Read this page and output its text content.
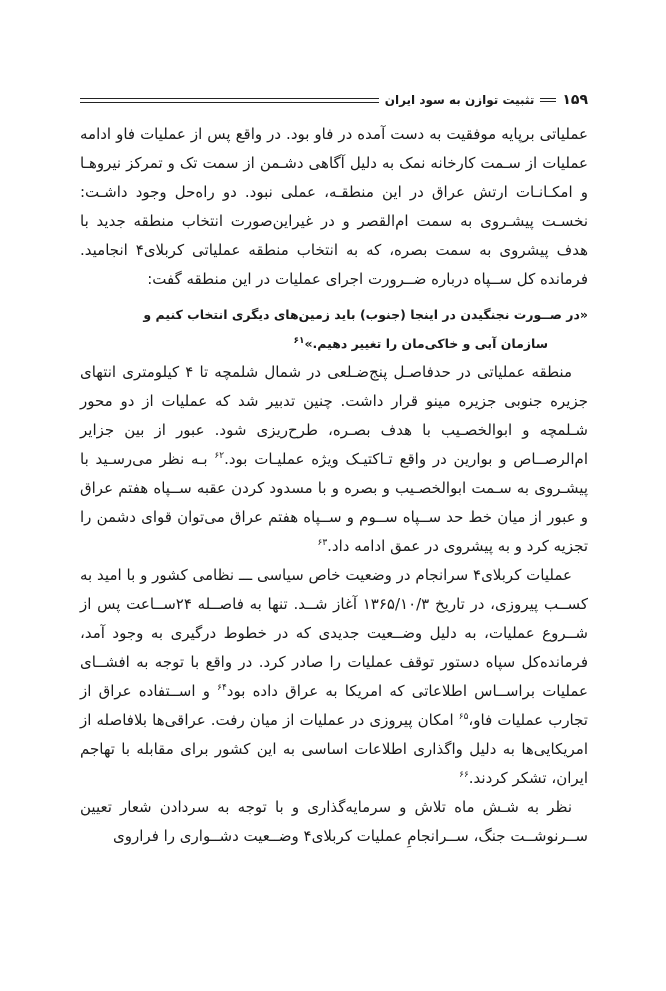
۱۵۹
تثبیت توازن به سود ایران

عملیاتی برپایه موفقیت به دست آمده در فاو بود. در واقع پس از عملیات فاو ادامه عملیات از سـمت کارخانه نمک به دلیل آگاهی دشـمن از سمت تک و تمرکز نیروهـا و امکـانـات ارتش عراق در این منطقـه، عملی نبود. دو راه‌حل وجود داشـت: نخسـت پیشـروی به سمت ام‌القصر و در غیراین‌صورت انتخاب منطقه جدید با هدف پیشروی به سمت بصره، که به انتخاب منطقه عملیاتی کربلای۴ انجامید. فرمانده کل ســپاه درباره ضــرورت اجرای عملیات در این منطقه گفت:

«در صــورت نجنگیدن در اینجا (جنوب) باید زمین‌های دیگری انتخاب کنیم و
سازمان آبی و خاکی‌مان را تغییر دهیم.»$^{۶۱}$

منطقه عملیاتی در حدفاصـل پنج‌ضـلعی در شمال شلمچه تا ۴ کیلومتری انتهای جزیره جنوبی جزیره مینو قرار داشت. چنین تدبیر شد که عملیات از دو محور شـلمچه و ابوالخصـیب با هدف بصـره، طرح‌ریزی شود. عبور از بین جزایر ام‌الرصــاص و بوارین در واقع تـاکتیـک ویژه عملیـات بود.$^{۶۲}$ بـه نظر می‌رسـید با پیشـروی به سـمت ابوالخصـیب و بصره و با مسدود کردن عقبه ســپاه هفتم عراق و عبور از میان خط حد ســپاه ســوم و ســپاه هفتم عراق می‌توان قوای دشمن را تجزیه کرد و به پیشروی در عمق ادامه داد.$^{۶۳}$

عملیات کربلای۴ سرانجام در وضعیت خاص سیاسی ـــ نظامی کشور و با امید به کســب پیروزی، در تاریخ ۱۳۶۵/۱۰/۳ آغاز شــد. تنها به فاصــله ۲۴ســاعت پس از شــروع عملیات، به دلیل وضــعیت جدیدی که در خطوط درگیری به وجود آمد، فرمانده‌کل سپاه دستور توقف عملیات را صادر کرد. در واقع با توجه به افشــای عملیات براســاس اطلاعاتی که امریکا به عراق داده بود$^{۶۴}$ و اســتفاده عراق از تجارب عملیات فاو،$^{۶۵}$ امکان پیروزی در عملیات از میان رفت. عراقی‌ها بلافاصله از امریکایی‌ها به دلیل واگذاری اطلاعات اساسی به این کشور برای مقابله با تهاجم ایران، تشکر کردند.$^{۶۶}$

نظر به شـش ماه تلاش و سرمایه‌گذاری و با توجه به سردادن شعار تعیین ســرنوشــت جنگ، ســرانجامِ عملیات کربلای۴ وضــعیت دشــواری را فراروی
